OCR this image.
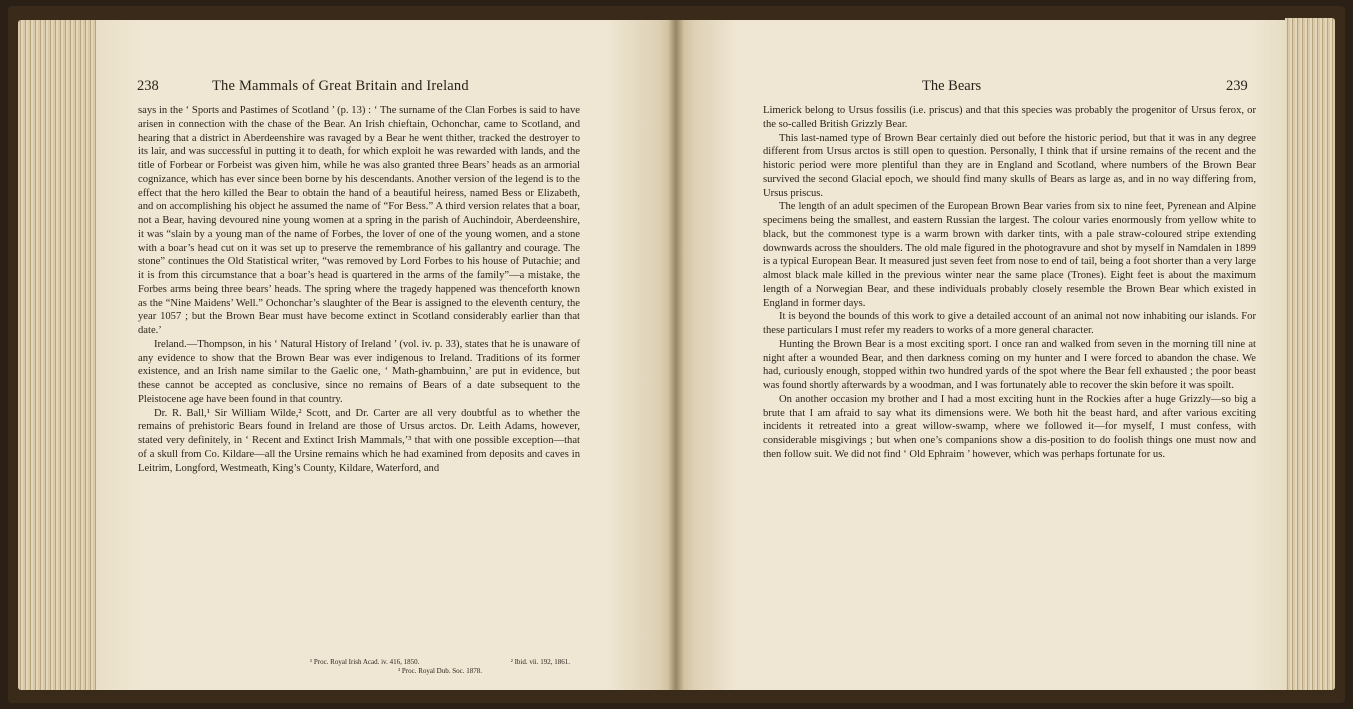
238	The Mammals of Great Britain and Ireland

says in the ‘ Sports and Pastimes of Scotland ’ (p. 13) : ‘ The surname of the Clan Forbes is said to have arisen in connection with the chase of the Bear. An Irish chieftain, Ochonchar, came to Scotland, and hearing that a district in Aberdeenshire was ravaged by a Bear he went thither, tracked the destroyer to its lair, and was successful in putting it to death, for which exploit he was rewarded with lands, and the title of Forbear or Forbeist was given him, while he was also granted three Bears’ heads as an armorial cognizance, which has ever since been borne by his descendants. Another version of the legend is to the effect that the hero killed the Bear to obtain the hand of a beautiful heiress, named Bess or Elizabeth, and on accomplishing his object he assumed the name of “For Bess.” A third version relates that a boar, not a Bear, having devoured nine young women at a spring in the parish of Auchindoir, Aberdeenshire, it was “slain by a young man of the name of Forbes, the lover of one of the young women, and a stone with a boar’s head cut on it was set up to preserve the remembrance of his gallantry and courage. The stone” continues the Old Statistical writer, “was removed by Lord Forbes to his house of Putachie; and it is from this circumstance that a boar’s head is quartered in the arms of the family”—a mistake, the Forbes arms being three bears’ heads. The spring where the tragedy happened was thenceforth known as the “Nine Maidens’ Well.” Ochonchar’s slaughter of the Bear is assigned to the eleventh century, the year 1057 ; but the Brown Bear must have become extinct in Scotland considerably earlier than that date.’

Ireland.—Thompson, in his ‘ Natural History of Ireland ’ (vol. iv. p. 33), states that he is unaware of any evidence to show that the Brown Bear was ever indigenous to Ireland. Traditions of its former existence, and an Irish name similar to the Gaelic one, ‘ Math-ghambuinn,’ are put in evidence, but these cannot be accepted as conclusive, since no remains of Bears of a date subsequent to the Pleistocene age have been found in that country.

Dr. R. Ball,¹ Sir William Wilde,² Scott, and Dr. Carter are all very doubtful as to whether the remains of prehistoric Bears found in Ireland are those of Ursus arctos. Dr. Leith Adams, however, stated very definitely, in ‘ Recent and Extinct Irish Mammals,’³ that with one possible exception—that of a skull from Co. Kildare—all the Ursine remains which he had examined from deposits and caves in Leitrim, Longford, Westmeath, King’s County, Kildare, Waterford, and

¹ Proc. Royal Irish Acad. iv. 416, 1850.	² Ibid. vii. 192, 1861.
³ Proc. Royal Dub. Soc. 1878.
The Bears	239

Limerick belong to Ursus fossilis (i.e. priscus) and that this species was probably the progenitor of Ursus ferox, or the so-called British Grizzly Bear.

This last-named type of Brown Bear certainly died out before the historic period, but that it was in any degree different from Ursus arctos is still open to question. Personally, I think that if ursine remains of the recent and the historic period were more plentiful than they are in England and Scotland, where numbers of the Brown Bear survived the second Glacial epoch, we should find many skulls of Bears as large as, and in no way differing from, Ursus priscus.

The length of an adult specimen of the European Brown Bear varies from six to nine feet, Pyrenean and Alpine specimens being the smallest, and eastern Russian the largest. The colour varies enormously from yellow white to black, but the commonest type is a warm brown with darker tints, with a pale straw-coloured stripe extending downwards across the shoulders. The old male figured in the photogravure and shot by myself in Namdalen in 1899 is a typical European Bear. It measured just seven feet from nose to end of tail, being a foot shorter than a very large almost black male killed in the previous winter near the same place (Trones). Eight feet is about the maximum length of a Norwegian Bear, and these individuals probably closely resemble the Brown Bear which existed in England in former days.

It is beyond the bounds of this work to give a detailed account of an animal not now inhabiting our islands. For these particulars I must refer my readers to works of a more general character.

Hunting the Brown Bear is a most exciting sport. I once ran and walked from seven in the morning till nine at night after a wounded Bear, and then darkness coming on my hunter and I were forced to abandon the chase. We had, curiously enough, stopped within two hundred yards of the spot where the Bear fell exhausted ; the poor beast was found shortly afterwards by a woodman, and I was fortunately able to recover the skin before it was spoilt.

On another occasion my brother and I had a most exciting hunt in the Rockies after a huge Grizzly—so big a brute that I am afraid to say what its dimensions were. We both hit the beast hard, and after various exciting incidents it retreated into a great willow-swamp, where we followed it—for myself, I must confess, with considerable misgivings ; but when one’s companions show a dis-position to do foolish things one must now and then follow suit. We did not find ‘ Old Ephraim ’ however, which was perhaps fortunate for us.
